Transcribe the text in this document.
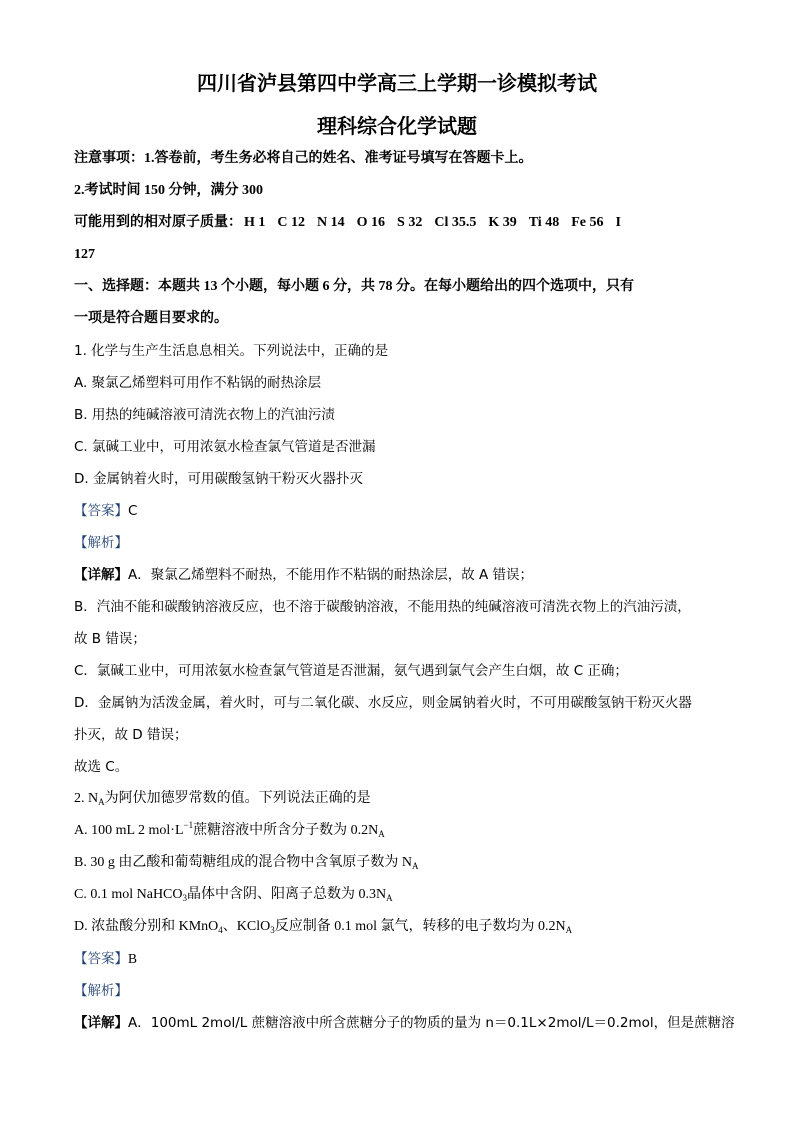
四川省泸县第四中学高三上学期一诊模拟考试
理科综合化学试题
注意事项：1.答卷前，考生务必将自己的姓名、准考证号填写在答题卡上。
2.考试时间 150 分钟，满分 300
可能用到的相对原子质量： H 1 C 12 N 14 O 16 S 32 Cl 35.5 K 39 Ti 48 Fe 56 I
127
一、选择题：本题共 13 个小题，每小题 6 分，共 78 分。在每小题给出的四个选项中，只有
一项是符合题目要求的。
1. 化学与生产生活息息相关。下列说法中，正确的是
A. 聚氯乙烯塑料可用作不粘锅的耐热涂层
B. 用热的纯碱溶液可清洗衣物上的汽油污渍
C. 氯碱工业中，可用浓氨水检查氯气管道是否泄漏
D. 金属钠着火时，可用碳酸氢钠干粉灭火器扑灭
【答案】C
【解析】
【详解】A．聚氯乙烯塑料不耐热，不能用作不粘锅的耐热涂层，故 A 错误；
B．汽油不能和碳酸钠溶液反应，也不溶于碳酸钠溶液，不能用热的纯碱溶液可清洗衣物上的汽油污渍，
故 B 错误；
C．氯碱工业中，可用浓氨水检查氯气管道是否泄漏，氨气遇到氯气会产生白烟，故 C 正确；
D．金属钠为活泼金属，着火时，可与二氧化碳、水反应，则金属钠着火时，不可用碳酸氢钠干粉灭火器
扑灭，故 D 错误；
故选 C。
2. $N_A$为阿伏加德罗常数的值。下列说法正确的是
A. 100 mL 2 $mol\cdot L^{-1}$蔗糖溶液中所含分子数为 $0.2N_A$
B. 30 g 由乙酸和葡萄糖组成的混合物中含氧原子数为 $N_A$
C. 0.1 mol NaHCO$_3$晶体中含阴、阳离子总数为 $0.3N_A$
D. 浓盐酸分别和 KMnO$_4$、KClO$_3$反应制备 0.1 mol 氯气，转移的电子数均为 $0.2N_A$
【答案】B
【解析】
【详解】A．100mL 2mol/L 蔗糖溶液中所含蔗糖分子的物质的量为 n＝0.1L×2mol/L＝0.2mol，但是蔗糖溶
